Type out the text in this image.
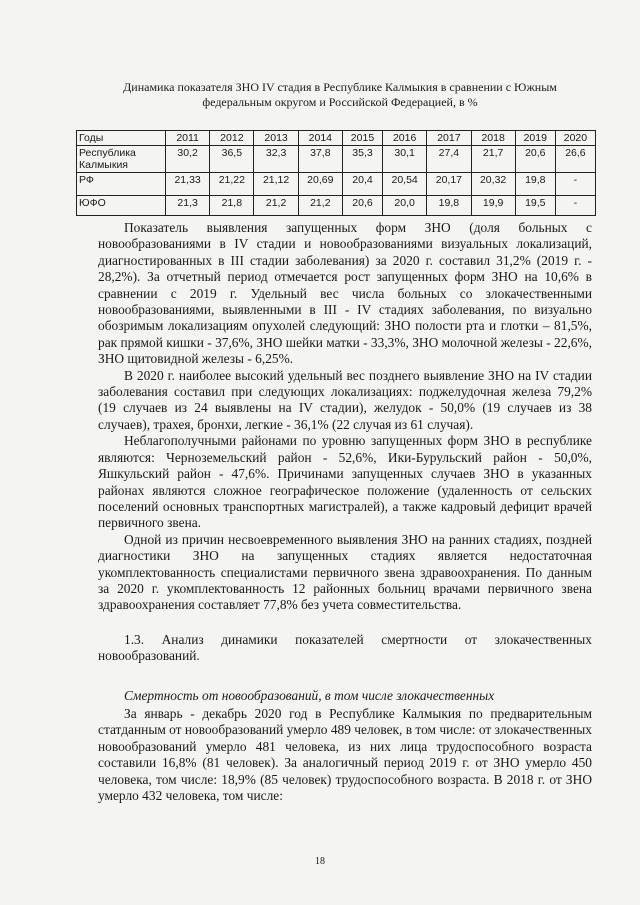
Динамика показателя ЗНО IV стадия в Республике Калмыкия в сравнении с Южным федеральным округом и Российской Федерацией, в %
Годы	2011	2012	2013	2014	2015	2016	2017	2018	2019	2020
Республика Калмыкия	30,2	36,5	32,3	37,8	35,3	30,1	27,4	21,7	20,6	26,6
РФ	21,33	21,22	21,12	20,69	20,4	20,54	20,17	20,32	19,8	-
ЮФО	21,3	21,8	21,2	21,2	20,6	20,0	19,8	19,9	19,5	-

Показатель выявления запущенных форм ЗНО (доля больных с новообразованиями в IV стадии и новообразованиями визуальных локализаций, диагностированных в III стадии заболевания) за 2020 г. составил 31,2% (2019 г. - 28,2%). За отчетный период отмечается рост запущенных форм ЗНО на 10,6% в сравнении с 2019 г. Удельный вес числа больных со злокачественными новообразованиями, выявленными в III - IV стадиях заболевания, по визуально обозримым локализациям опухолей следующий: ЗНО полости рта и глотки – 81,5%, рак прямой кишки - 37,6%, ЗНО шейки матки - 33,3%, ЗНО молочной железы - 22,6%, ЗНО щитовидной железы - 6,25%.

В 2020 г. наиболее высокий удельный вес позднего выявление ЗНО на IV стадии заболевания составил при следующих локализациях: поджелудочная железа 79,2% (19 случаев из 24 выявлены на IV стадии), желудок - 50,0% (19 случаев из 38 случаев), трахея, бронхи, легкие - 36,1% (22 случая из 61 случая).

Неблагополучными районами по уровню запущенных форм ЗНО в республике являются: Черноземельский район - 52,6%, Ики-Бурульский район - 50,0%, Яшкульский район - 47,6%. Причинами запущенных случаев ЗНО в указанных районах являются сложное географическое положение (удаленность от сельских поселений основных транспортных магистралей), а также кадровый дефицит врачей первичного звена.

Одной из причин несвоевременного выявления ЗНО на ранних стадиях, поздней диагностики ЗНО на запущенных стадиях является недостаточная укомплектованность специалистами первичного звена здравоохранения. По данным за 2020 г. укомплектованность 12 районных больниц врачами первичного звена здравоохранения составляет 77,8% без учета совместительства.

1.3. Анализ динамики показателей смертности от злокачественных новообразований.
Смертность от новообразований, в том числе злокачественных

За январь - декабрь 2020 год в Республике Калмыкия по предварительным статданным от новообразований умерло 489 человек, в том числе: от злокачественных новообразований умерло 481 человека, из них лица трудоспособного возраста составили 16,8% (81 человек). За аналогичный период 2019 г. от ЗНО умерло 450 человека, том числе: 18,9% (85 человек) трудоспособного возраста. В 2018 г. от ЗНО умерло 432 человека, том числе:

18
